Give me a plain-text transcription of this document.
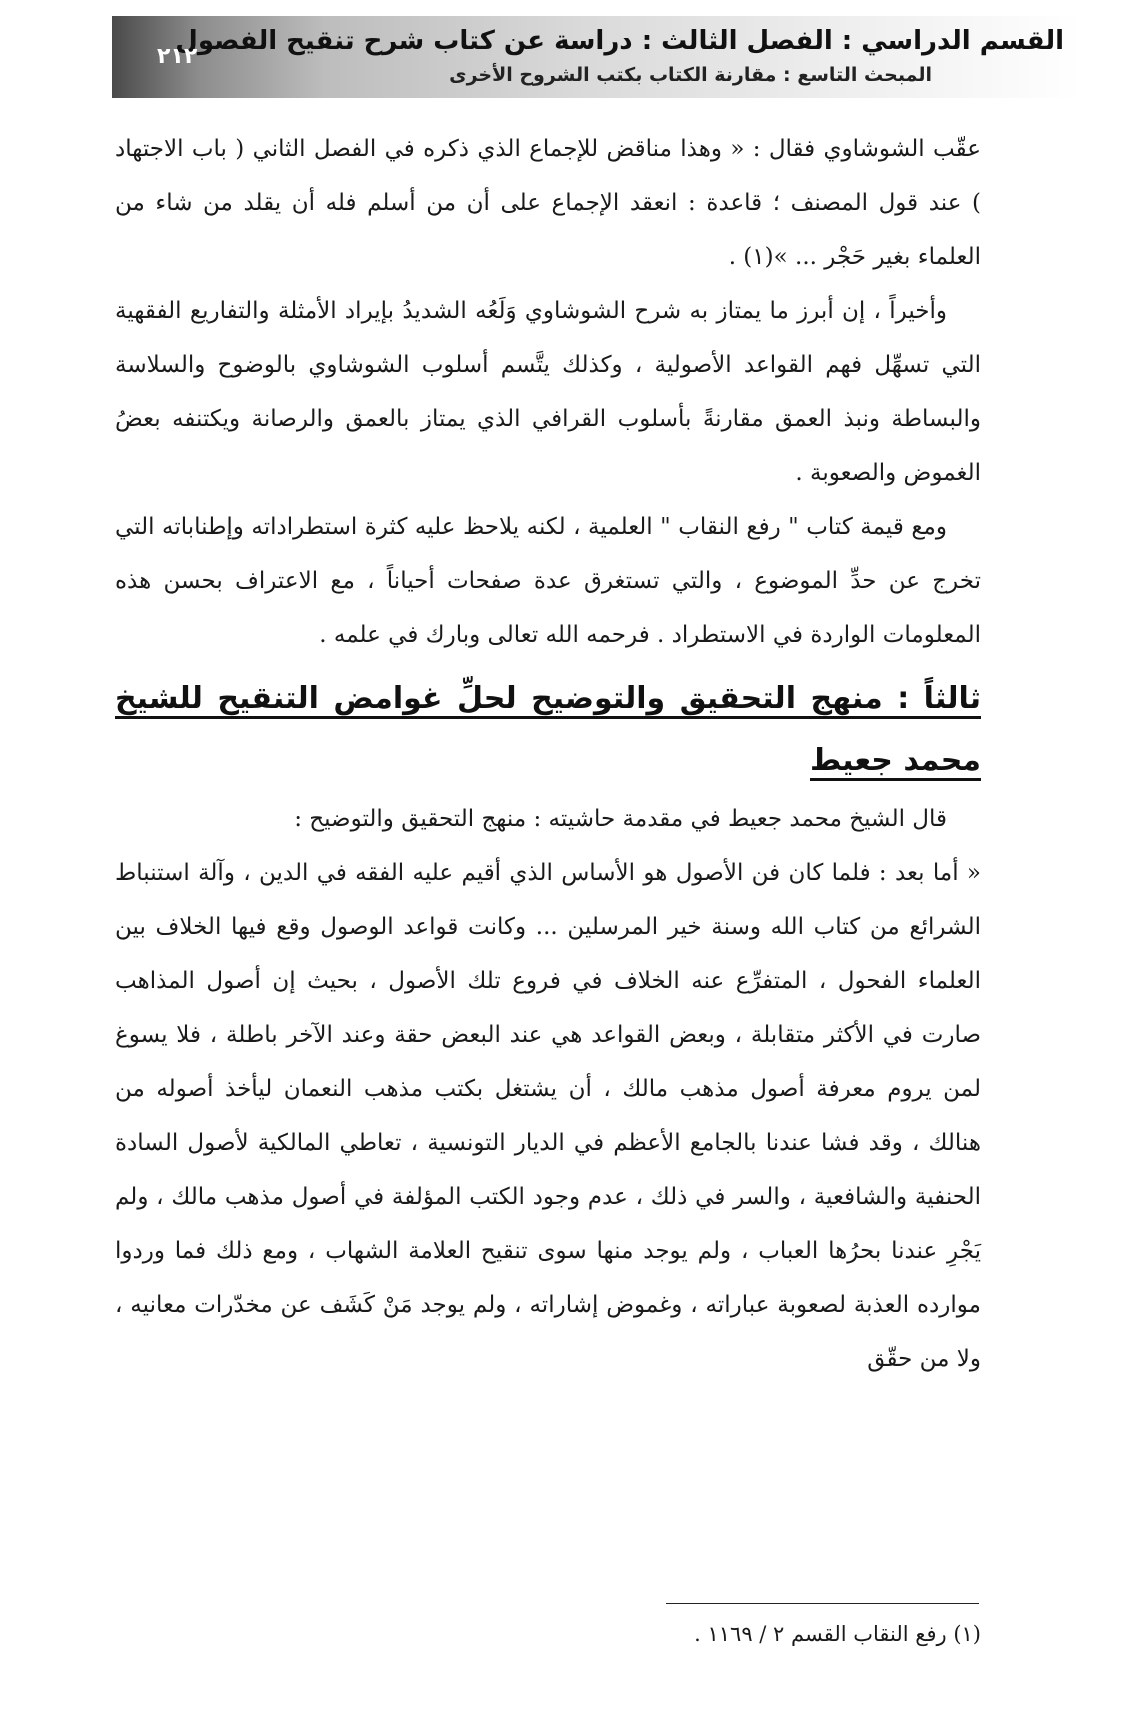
القسم الدراسي : الفصل الثالث : دراسة عن كتاب شرح تنقيح الفصول
المبحث التاسع : مقارنة الكتاب بكتب الشروح الأخرى
٢١٢

عقّب الشوشاوي فقال : « وهذا مناقض للإجماع الذي ذكره في الفصل الثاني ( باب الاجتهاد ) عند قول المصنف ؛ قاعدة : انعقد الإجماع على أن من أسلم فله أن يقلد من شاء من العلماء بغير حَجْر ... »(١) .

وأخيراً ، إن أبرز ما يمتاز به شرح الشوشاوي وَلَعُه الشديدُ بإيراد الأمثلة والتفاريع الفقهية التي تسهِّل فهم القواعد الأصولية ، وكذلك يتَّسم أسلوب الشوشاوي بالوضوح والسلاسة والبساطة ونبذ العمق مقارنةً بأسلوب القرافي الذي يمتاز بالعمق والرصانة ويكتنفه بعضُ الغموض والصعوبة .

ومع قيمة كتاب " رفع النقاب " العلمية ، لكنه يلاحظ عليه كثرة استطراداته وإطناباته التي تخرج عن حدِّ الموضوع ، والتي تستغرق عدة صفحات أحياناً ، مع الاعتراف بحسن هذه المعلومات الواردة في الاستطراد . فرحمه الله تعالى وبارك في علمه .

ثالثاً : منهج التحقيق والتوضيح لحلِّ غوامض التنقيح للشيخ محمد جعيط

قال الشيخ محمد جعيط في مقدمة حاشيته : منهج التحقيق والتوضيح :

« أما بعد : فلما كان فن الأصول هو الأساس الذي أقيم عليه الفقه في الدين ، وآلة استنباط الشرائع من كتاب الله وسنة خير المرسلين ... وكانت قواعد الوصول وقع فيها الخلاف بين العلماء الفحول ، المتفرِّع عنه الخلاف في فروع تلك الأصول ، بحيث إن أصول المذاهب صارت في الأكثر متقابلة ، وبعض القواعد هي عند البعض حقة وعند الآخر باطلة ، فلا يسوغ لمن يروم معرفة أصول مذهب مالك ، أن يشتغل بكتب مذهب النعمان ليأخذ أصوله من هنالك ، وقد فشا عندنا بالجامع الأعظم في الديار التونسية ، تعاطي المالكية لأصول السادة الحنفية والشافعية ، والسر في ذلك ، عدم وجود الكتب المؤلفة في أصول مذهب مالك ، ولم يَجْرِ عندنا بحرُها العباب ، ولم يوجد منها سوى تنقيح العلامة الشهاب ، ومع ذلك فما وردوا موارده العذبة لصعوبة عباراته ، وغموض إشاراته ، ولم يوجد مَنْ كَشَف عن مخدّرات معانيه ، ولا من حقّق

(١) رفع النقاب القسم ٢ / ١١٦٩ .
